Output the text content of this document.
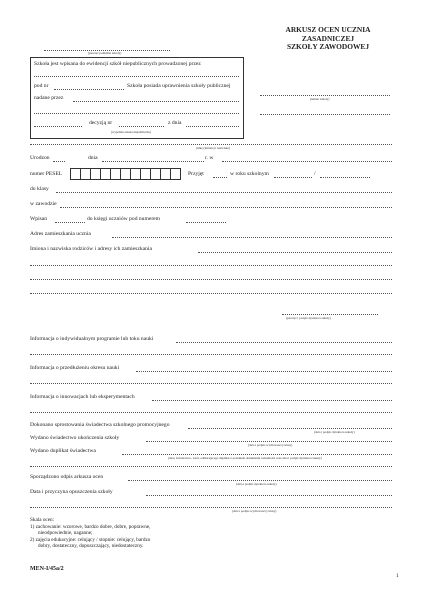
(pieczęć podłużna szkoły)
ARKUSZ OCEN UCZNIA
ZASADNICZEJ
SZKOŁY ZAWODOWEJ
(numer szkoły)
Szkoła jest wpisana do ewidencji szkół niepublicznych prowadzonej przez
pod nr	Szkoła posiada uprawnienia szkoły publicznej
nadane przez
decyzją nr	z dnia
(wypełnia szkoła niepubliczna)
(imię (imiona) i nazwisko)
Urodzon	dnia	r. w
numer PESEL	Przyjęt	w roku szkolnym	/
do klasy
w zawodzie
Wpisan	do księgi uczniów pod numerem
Adres zamieszkania ucznia
Imiona i nazwiska rodziców i adresy ich zamieszkania
(pieczęć i podpis dyrektora szkoły)
Informacja o indywidualnym programie lub toku nauki
Informacja o przedłużeniu okresu nauki
Informacja o innowacjach lub eksperymentach
Dokonano sprostowania świadectwa szkolnego promocyjnego
(data i podpis dyrektora szkoły)
Wydano świadectwo ukończenia szkoły
(data i podpis wychowawcy klasy)
Wydano duplikat świadectwa
(data, świadectwo, wzór, odbierającego duplikat z podaniem dokumentu tożsamości oraz data i podpis dyrektora szkoły)
Sporządzono odpis arkusza ocen
(data i podpis dyrektora szkoły)
Data i przyczyna opuszczenia szkoły
(data i podpis wychowawcy klasy)
Skala ocen:
1) zachowanie: wzorowe, bardzo dobre, dobre, poprawne,
nieodpowiednie, naganne;
2) zajęcia edukacyjne: celujący / stopnie: celujący, bardzo
dobry, dostateczny, dopuszczający, niedostateczny.
MEN-I/45a/2
1
